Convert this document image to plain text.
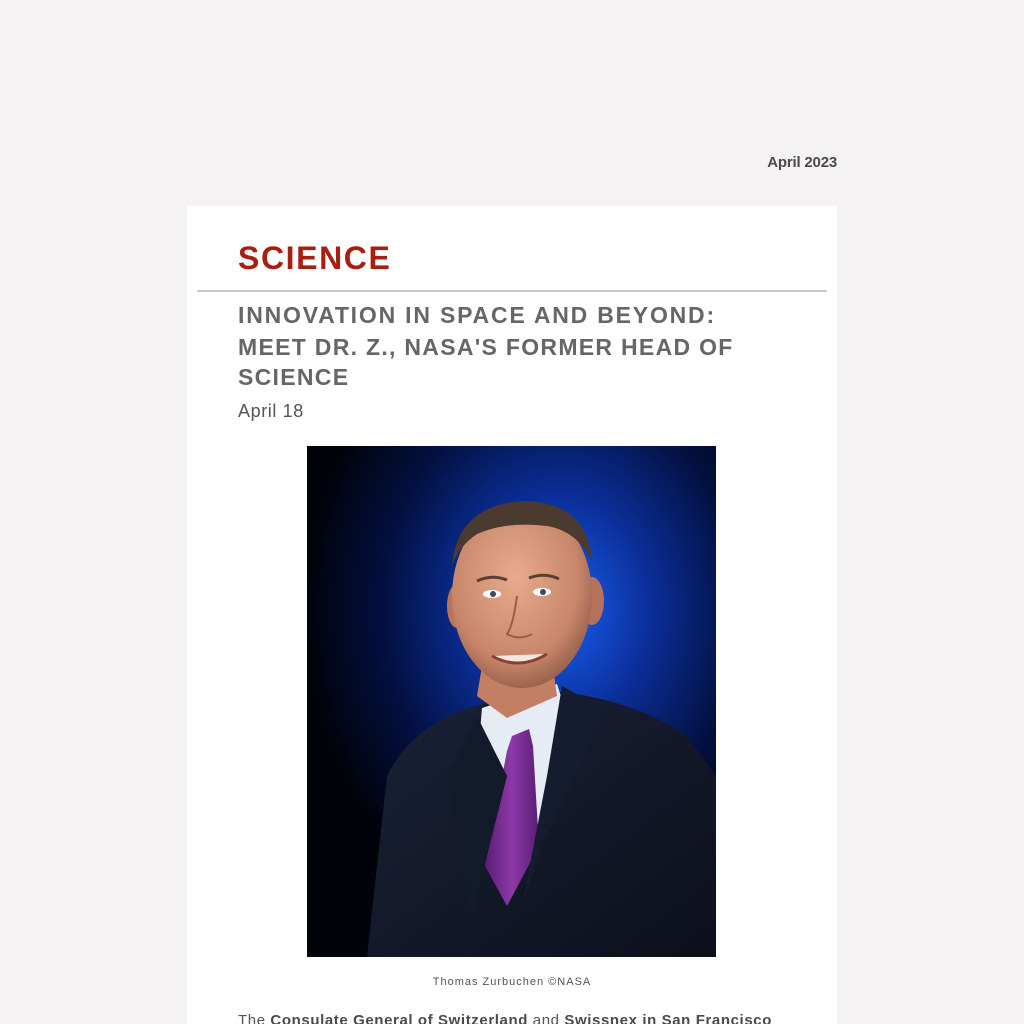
April 2023
SCIENCE
INNOVATION IN SPACE AND BEYOND:
MEET DR. Z., NASA'S FORMER HEAD OF SCIENCE
April 18
Thomas Zurbuchen ©NASA
The Consulate General of Switzerland and Swissnex in San Francisco
